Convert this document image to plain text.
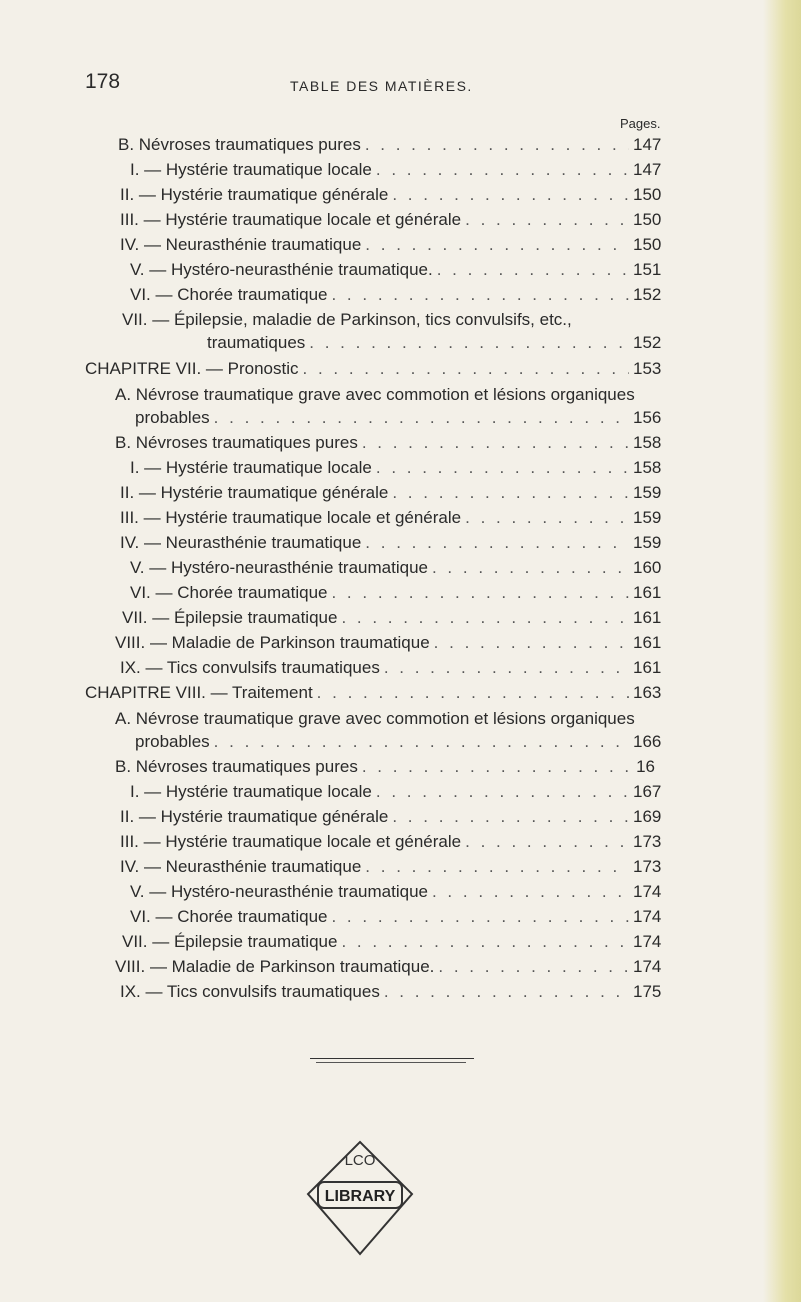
178	TABLE DES MATIÈRES.
Pages.
B. Névroses traumatiques pures . . .	147
I. — Hystérie traumatique locale . . .	147
II. — Hystérie traumatique générale . . .	150
III. — Hystérie traumatique locale et générale . . .	150
IV. — Neurasthénie traumatique . . .	150
V. — Hystéro-neurasthénie traumatique. . . .	151
VI. — Chorée traumatique . . .	152
VII. — Épilepsie, maladie de Parkinson, tics convulsifs, etc.,
traumatiques . . .	152
CHAPITRE VII. — Pronostic . . .	153
A. Névrose traumatique grave avec commotion et lésions organiques
probables . . .	156
B. Névroses traumatiques pures . . .	158
I. — Hystérie traumatique locale . . .	158
II. — Hystérie traumatique générale . . .	159
III. — Hystérie traumatique locale et générale . . .	159
IV. — Neurasthénie traumatique . . .	159
V. — Hystéro-neurasthénie traumatique . . .	160
VI. — Chorée traumatique . . .	161
VII. — Épilepsie traumatique . . .	161
VIII. — Maladie de Parkinson traumatique . . .	161
IX. — Tics convulsifs traumatiques . . .	161
CHAPITRE VIII. — Traitement . . .	163
A. Névrose traumatique grave avec commotion et lésions organiques
probables . . .	166
B. Névroses traumatiques pures . . .	16
I. — Hystérie traumatique locale . . .	167
II. — Hystérie traumatique générale . . .	169
III. — Hystérie traumatique locale et générale . . .	173
IV. — Neurasthénie traumatique . . .	173
V. — Hystéro-neurasthénie traumatique . . .	174
VI. — Chorée traumatique . . .	174
VII. — Épilepsie traumatique . . .	174
VIII. — Maladie de Parkinson traumatique. . . .	174
IX. — Tics convulsifs traumatiques . . .	175
LCO
LIBRARY
